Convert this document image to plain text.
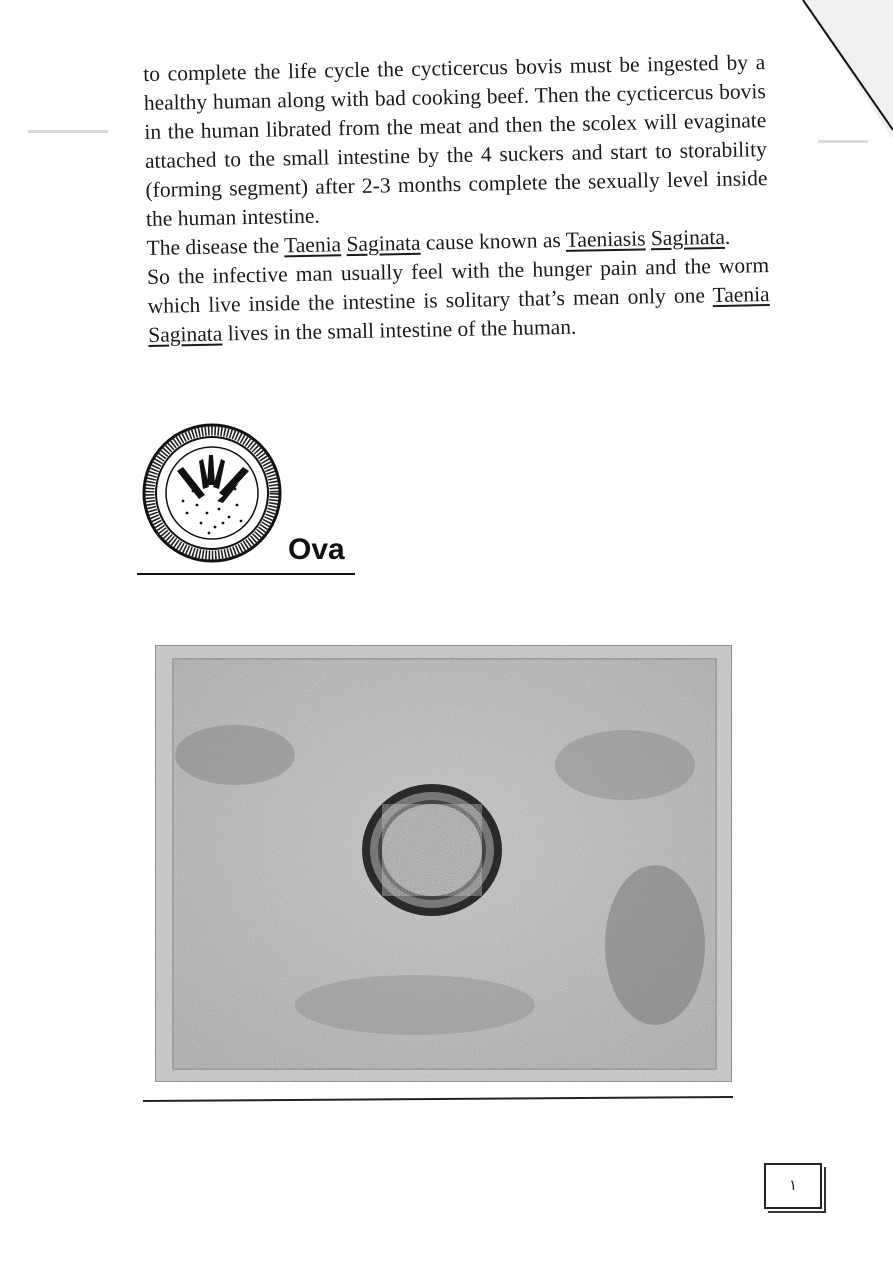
to complete the life cycle the cycticercus bovis must be ingested by a healthy human along with bad cooking beef. Then the cycticercus bovis in the human librated from the meat and then the scolex will evaginate attached to the small intestine by the 4 suckers and start to storability (forming segment) after 2-3 months complete the sexually level inside the human intestine.

The disease the Taenia Saginata cause known as Taeniasis Saginata.

So the infective man usually feel with the hunger pain and the worm which live inside the intestine is solitary that’s mean only one Taenia Saginata lives in the small intestine of the human.

Ova
١
